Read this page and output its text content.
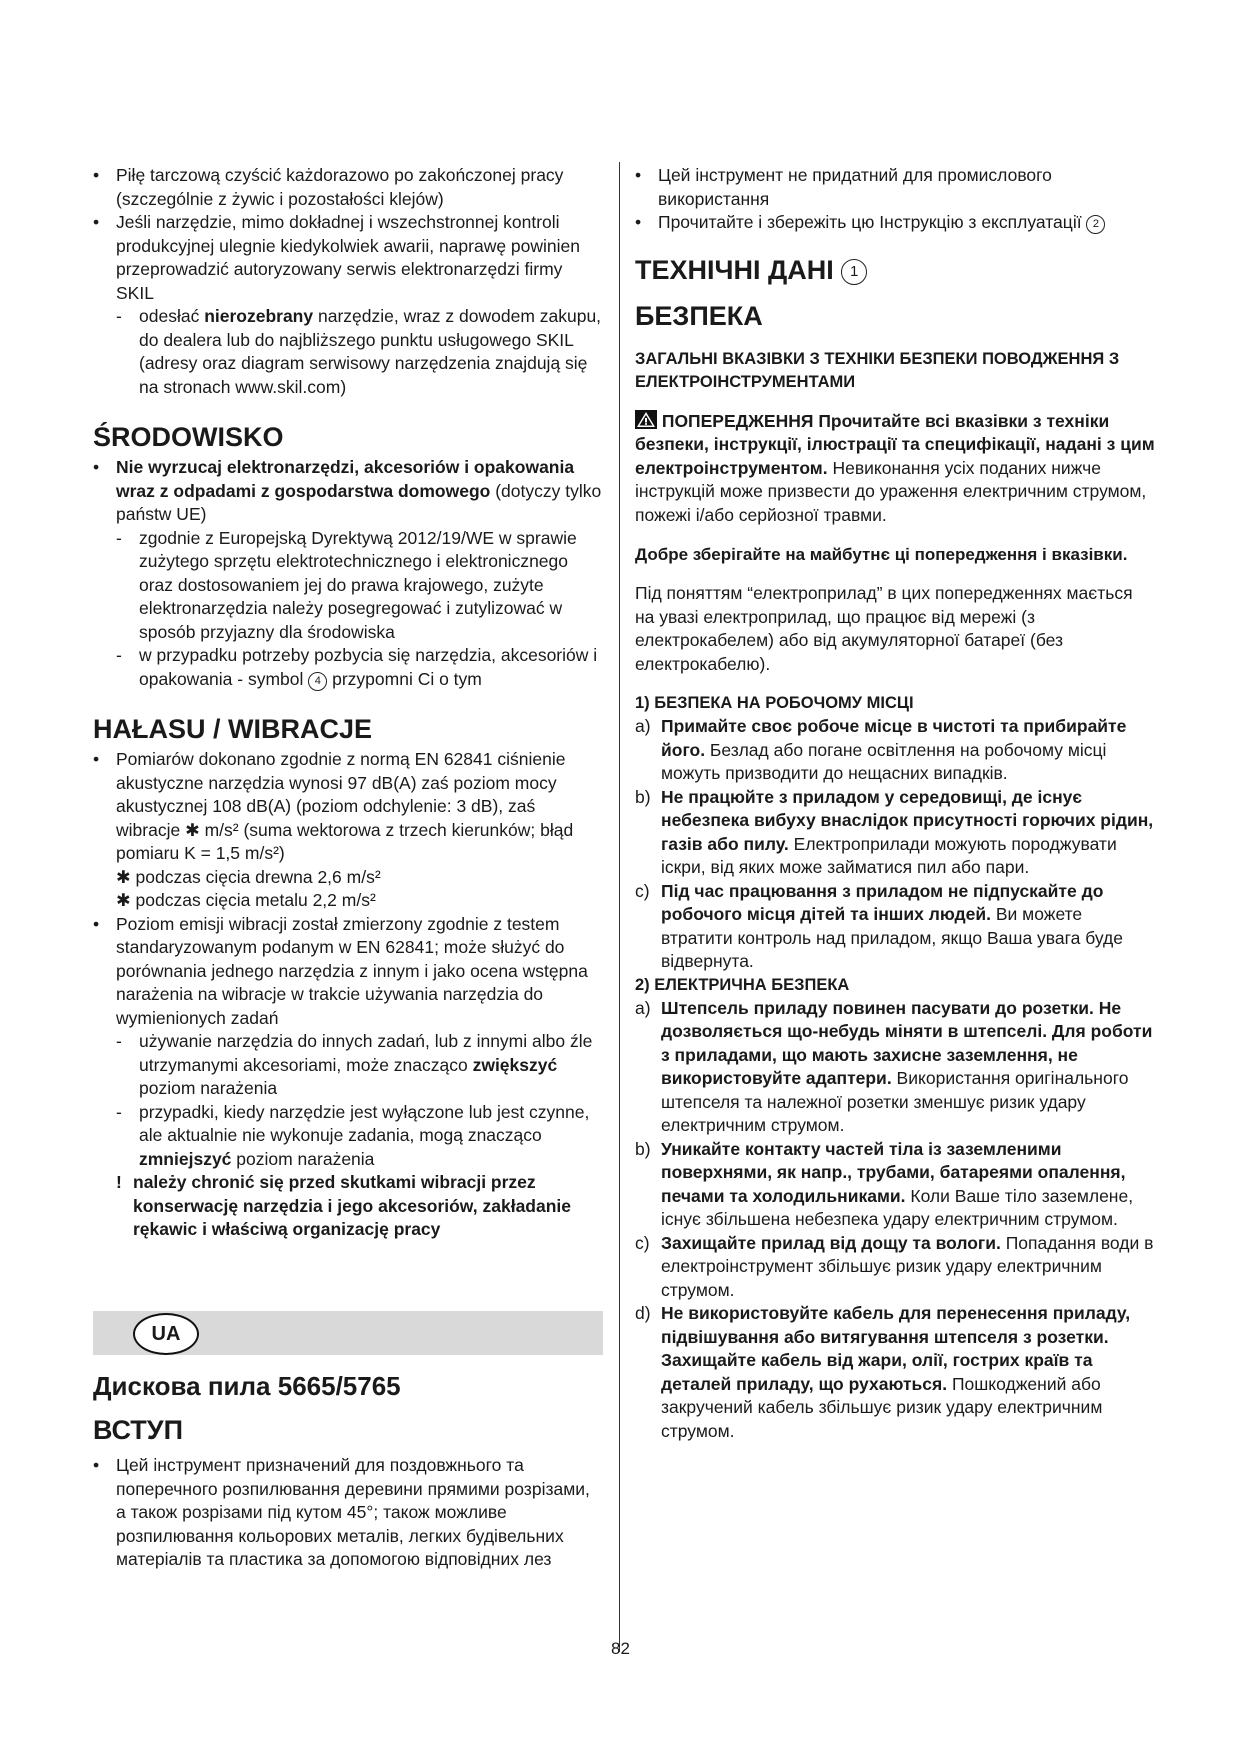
• Piłę tarczową czyścić każdorazowo po zakończonej pracy (szczególnie z żywic i pozostałości klejów)
• Jeśli narzędzie, mimo dokładnej i wszechstronnej kontroli produkcyjnej ulegnie kiedykolwiek awarii, naprawę powinien przeprowadzić autoryzowany serwis elektronarzędzi firmy SKIL
- odesłać nierozebrany narzędzie, wraz z dowodem zakupu, do dealera lub do najbliższego punktu usługowego SKIL (adresy oraz diagram serwisowy narzędzenia znajdują się na stronach www.skil.com)
ŚRODOWISKO
• Nie wyrzucaj elektronarzędzi, akcesoriów i opakowania wraz z odpadami z gospodarstwa domowego (dotyczy tylko państw UE)
- zgodnie z Europejską Dyrektywą 2012/19/WE w sprawie zużytego sprzętu elektrotechnicznego i elektronicznego oraz dostosowaniem jej do prawa krajowego, zużyte elektronarzędzia należy posegregować i zutylizować w sposób przyjazny dla środowiska
- w przypadku potrzeby pozbycia się narzędzia, akcesoriów i opakowania - symbol 4 przypomni Ci o tym
HAŁASU / WIBRACJE
• Pomiarów dokonano zgodnie z normą EN 62841 ciśnienie akustyczne narzędzia wynosi 97 dB(A) zaś poziom mocy akustycznej 108 dB(A) (poziom odchylenie: 3 dB), zaś wibracje ✱ m/s² (suma wektorowa z trzech kierunków; błąd pomiaru K = 1,5 m/s²)
✱ podczas cięcia drewna 2,6 m/s²
✱ podczas cięcia metalu 2,2 m/s²
• Poziom emisji wibracji został zmierzony zgodnie z testem standaryzowanym podanym w EN 62841; może służyć do porównania jednego narzędzia z innym i jako ocena wstępna narażenia na wibracje w trakcie używania narzędzia do wymienionych zadań
- używanie narzędzia do innych zadań, lub z innymi albo źle utrzymanymi akcesoriami, może znacząco zwiększyć poziom narażenia
- przypadki, kiedy narzędzie jest wyłączone lub jest czynne, ale aktualnie nie wykonuje zadania, mogą znacząco zmniejszyć poziom narażenia
! należy chronić się przed skutkami wibracji przez konserwację narzędzia i jego akcesoriów, zakładanie rękawic i właściwą organizację pracy
UA
Дискова пила 5665/5765
ВСТУП
• Цей інструмент призначений для поздовжнього та поперечного розпилювання деревини прямими розрізами, а також розрізами під кутом 45°; також можливе розпилювання кольорових металів, легких будівельних матеріалів та пластика за допомогою відповідних лез
• Цей інструмент не придатний для промислового використання
• Прочитайте і збережіть цю Інструкцію з експлуатації 2
ТЕХНІЧНІ ДАНІ 1
БЕЗПЕКА
ЗАГАЛЬНІ ВКАЗІВКИ З ТЕХНІКИ БЕЗПЕКИ ПОВОДЖЕННЯ З ЕЛЕКТРОІНСТРУМЕНТАМИ

ПОПЕРЕДЖЕННЯ Прочитайте всі вказівки з техніки безпеки, інструкції, ілюстрації та специфікації, надані з цим електроінструментом. Невиконання усіх поданих нижче інструкцій може призвести до ураження електричним струмом, пожежі і/або серйозної травми.

Добре зберігайте на майбутнє ці попередження і вказівки.

Під поняттям “електроприлад” в цих попередженнях мається на увазі електроприлад, що працює від мережі (з електрокабелем) або від акумуляторної батареї (без електрокабелю).

1) БЕЗПЕКА НА РОБОЧОМУ МІСЦІ
a) Примайте своє робоче місце в чистоті та прибирайте його. Безлад або погане освітлення на робочому місці можуть призводити до нещасних випадків.
b) Не працюйте з приладом у середовищі, де існує небезпека вибуху внаслідок присутності горючих рідин, газів або пилу. Електроприлади можують породжувати іскри, від яких може займатися пил або пари.
c) Під час працювання з приладом не підпускайте до робочого місця дітей та інших людей. Ви можете втратити контроль над приладом, якщо Ваша увага буде відвернута.
2) ЕЛЕКТРИЧНА БЕЗПЕКА
a) Штепсель приладу повинен пасувати до розетки. Не дозволяється що-небудь міняти в штепселі. Для роботи з приладами, що мають захисне заземлення, не використовуйте адаптери. Використання оригінального штепселя та належної розетки зменшує ризик удару електричним струмом.
b) Уникайте контакту частей тіла із заземленими поверхнями, як напр., трубами, батареями опалення, печами та холодильниками. Коли Ваше тіло заземлене, існує збільшена небезпека удару електричним струмом.
c) Захищайте прилад від дощу та вологи. Попадання води в електроінструмент збільшує ризик удару електричним струмом.
d) Не використовуйте кабель для перенесення приладу, підвішування або витягування штепселя з розетки. Захищайте кабель від жари, олії, гострих країв та деталей приладу, що рухаються. Пошкоджений або закручений кабель збільшує ризик удару електричним струмом.
82
